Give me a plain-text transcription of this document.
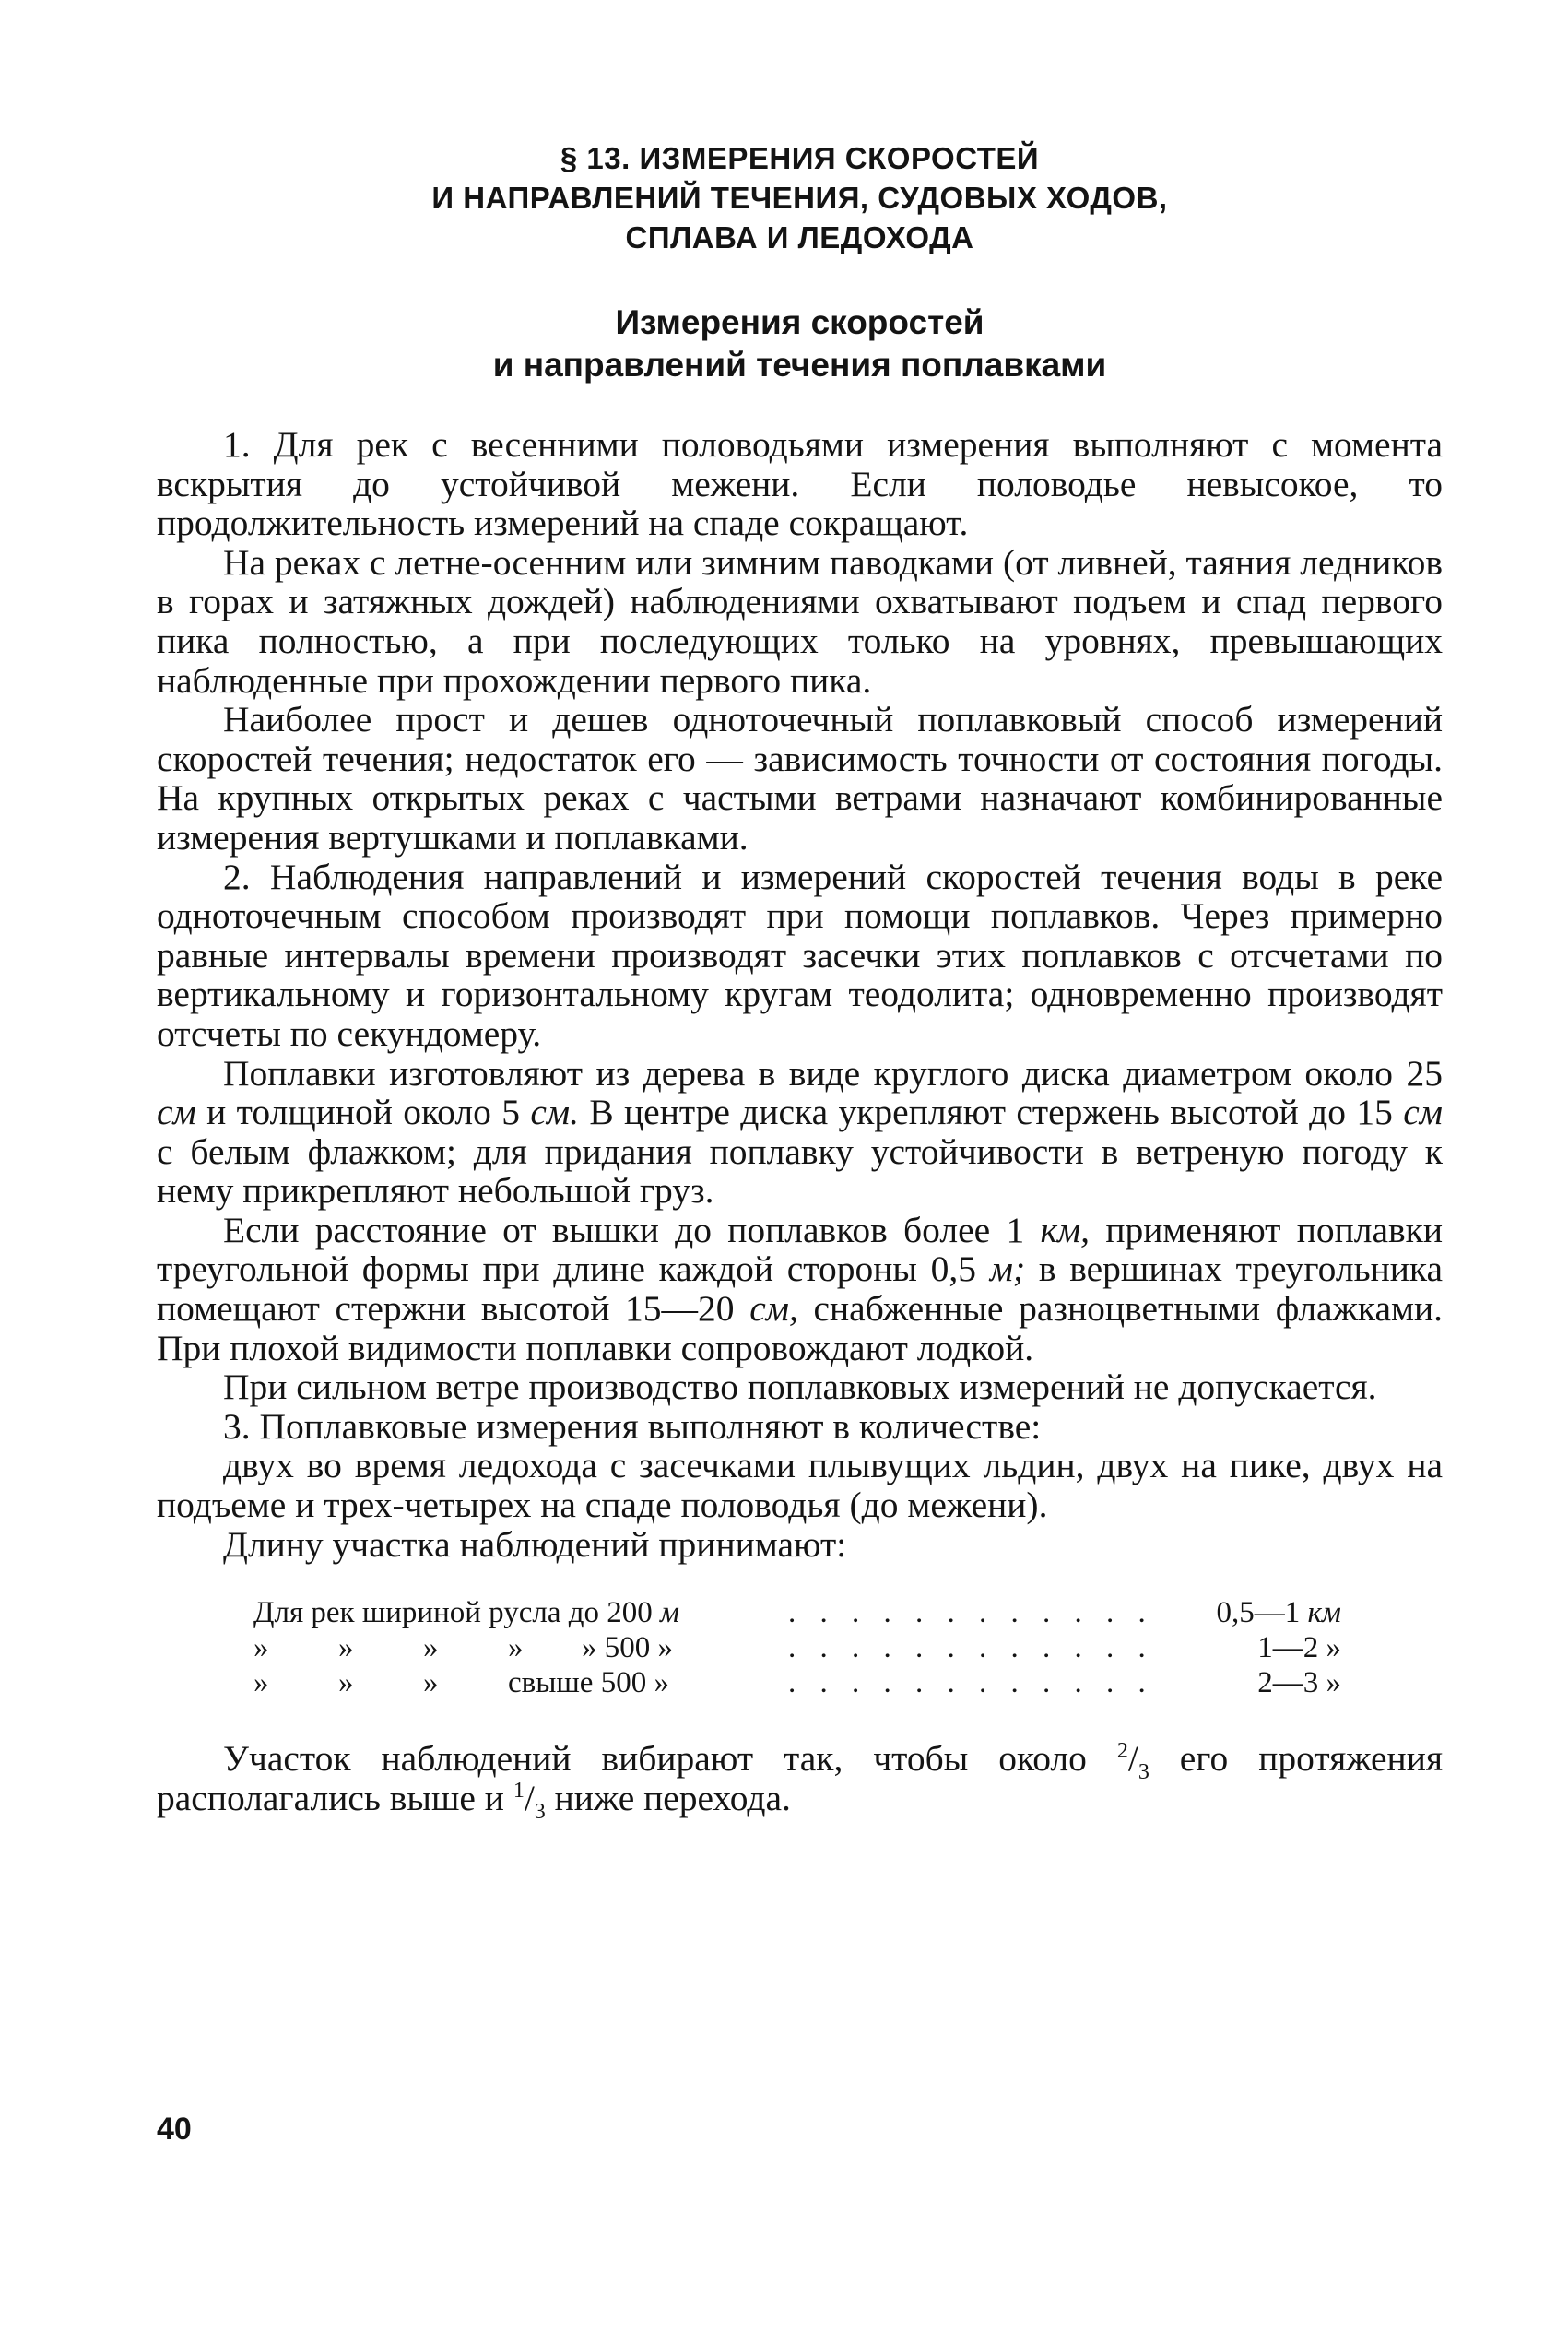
§ 13. ИЗМЕРЕНИЯ СКОРОСТЕЙ
И НАПРАВЛЕНИЙ ТЕЧЕНИЯ, СУДОВЫХ ХОДОВ,
СПЛАВА И ЛЕДОХОДА
Измерения скоростей
и направлений течения поплавками

1. Для рек с весенними половодьями измерения выполняют с момента вскрытия до устойчивой межени. Если половодье невысокое, то продолжительность измерений на спаде сокращают.

На реках с летне-осенним или зимним паводками (от ливней, таяния ледников в горах и затяжных дождей) наблюдениями охватывают подъем и спад первого пика полностью, а при последующих только на уровнях, превышающих наблюденные при прохождении первого пика.

Наиболее прост и дешев одноточечный поплавковый способ измерений скоростей течения; недостаток его — зависимость точности от состояния погоды. На крупных открытых реках с частыми ветрами назначают комбинированные измерения вертушками и поплавками.

2. Наблюдения направлений и измерений скоростей течения воды в реке одноточечным способом производят при помощи поплавков. Через примерно равные интервалы времени производят засечки этих поплавков с отсчетами по вертикальному и горизонтальному кругам теодолита; одновременно производят отсчеты по секундомеру.

Поплавки изготовляют из дерева в виде круглого диска диаметром около 25 см и толщиной около 5 см. В центре диска укрепляют стержень высотой до 15 см с белым флажком; для придания поплавку устойчивости в ветреную погоду к нему прикрепляют небольшой груз.

Если расстояние от вышки до поплавков более 1 км, применяют поплавки треугольной формы при длине каждой стороны 0,5 м; в вершинах треугольника помещают стержни высотой 15—20 см, снабженные разноцветными флажками. При плохой видимости поплавки сопровождают лодкой.

При сильном ветре производство поплавковых измерений не допускается.

3. Поплавковые измерения выполняют в количестве:

двух во время ледохода с засечками плывущих льдин, двух на пике, двух на подъеме и трех-четырех на спаде половодья (до межени).

Длину участка наблюдений принимают:

Для рек шириной русла до 200 м	. . . . . . . . . . . .	0,5—1 км
» » » » » 500 »	. . . . . . . . . . . .	1—2 »
» » » свыше 500 »	. . . . . . . . . . . .	2—3 »

Участок наблюдений вибирают так, чтобы около $^2/_3$ его протяжения располагались выше и $^1/_3$ ниже перехода.

40
